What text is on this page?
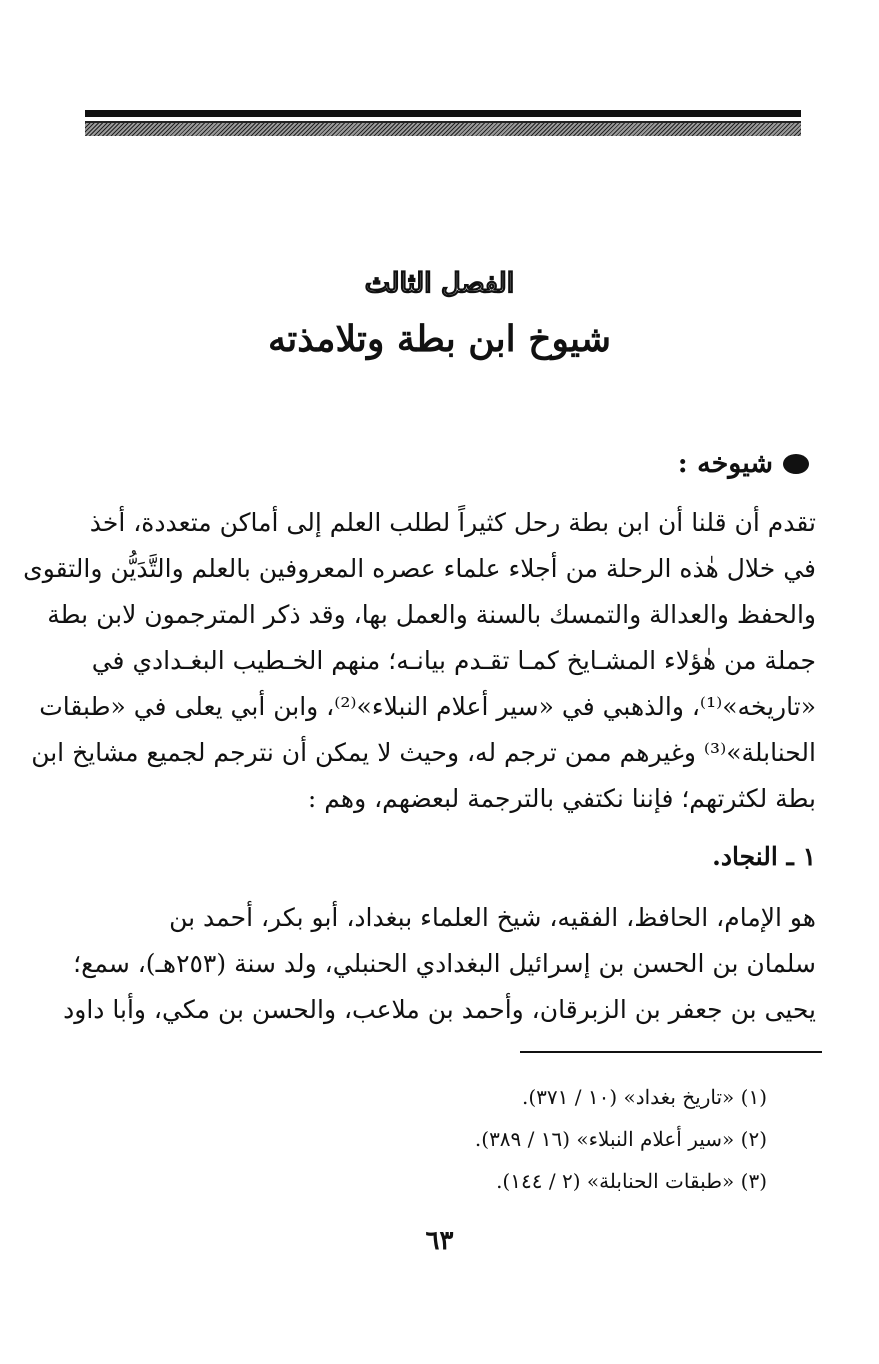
الفصل الثالث
شيوخ ابن بطة وتلامذته
شيوخه :
تقدم أن قلنا أن ابن بطة رحل كثيراً لطلب العلم إلى أماكن متعددة، أخذ
في خلال هٰذه الرحلة من أجلاء علماء عصره المعروفين بالعلم والتَّدَيُّن والتقوى
والحفظ والعدالة والتمسك بالسنة والعمل بها، وقد ذكر المترجمون لابن بطة
جملة من هٰؤلاء المشـايخ كمـا تقـدم بيانـه؛ منهم الخـطيب البغـدادي في
«تاريخه»⁽¹⁾، والذهبي في «سير أعلام النبلاء»⁽²⁾، وابن أبي يعلى في «طبقات
الحنابلة»⁽³⁾ وغيرهم ممن ترجم له، وحيث لا يمكن أن نترجم لجميع مشايخ ابن
بطة لكثرتهم؛ فإننا نكتفي بالترجمة لبعضهم، وهم :
١ ـ النجاد.
هو الإمام، الحافظ، الفقيه، شيخ العلماء ببغداد، أبو بكر، أحمد بن
سلمان بن الحسن بن إسرائيل البغدادي الحنبلي، ولد سنة (٢٥٣هـ)، سمع؛
يحيى بن جعفر بن الزبرقان، وأحمد بن ملاعب، والحسن بن مكي، وأبا داود
(١) «تاريخ بغداد» (١٠ / ٣٧١).
(٢) «سير أعلام النبلاء» (١٦ / ٣٨٩).
(٣) «طبقات الحنابلة» (٢ / ١٤٤).
٦٣
